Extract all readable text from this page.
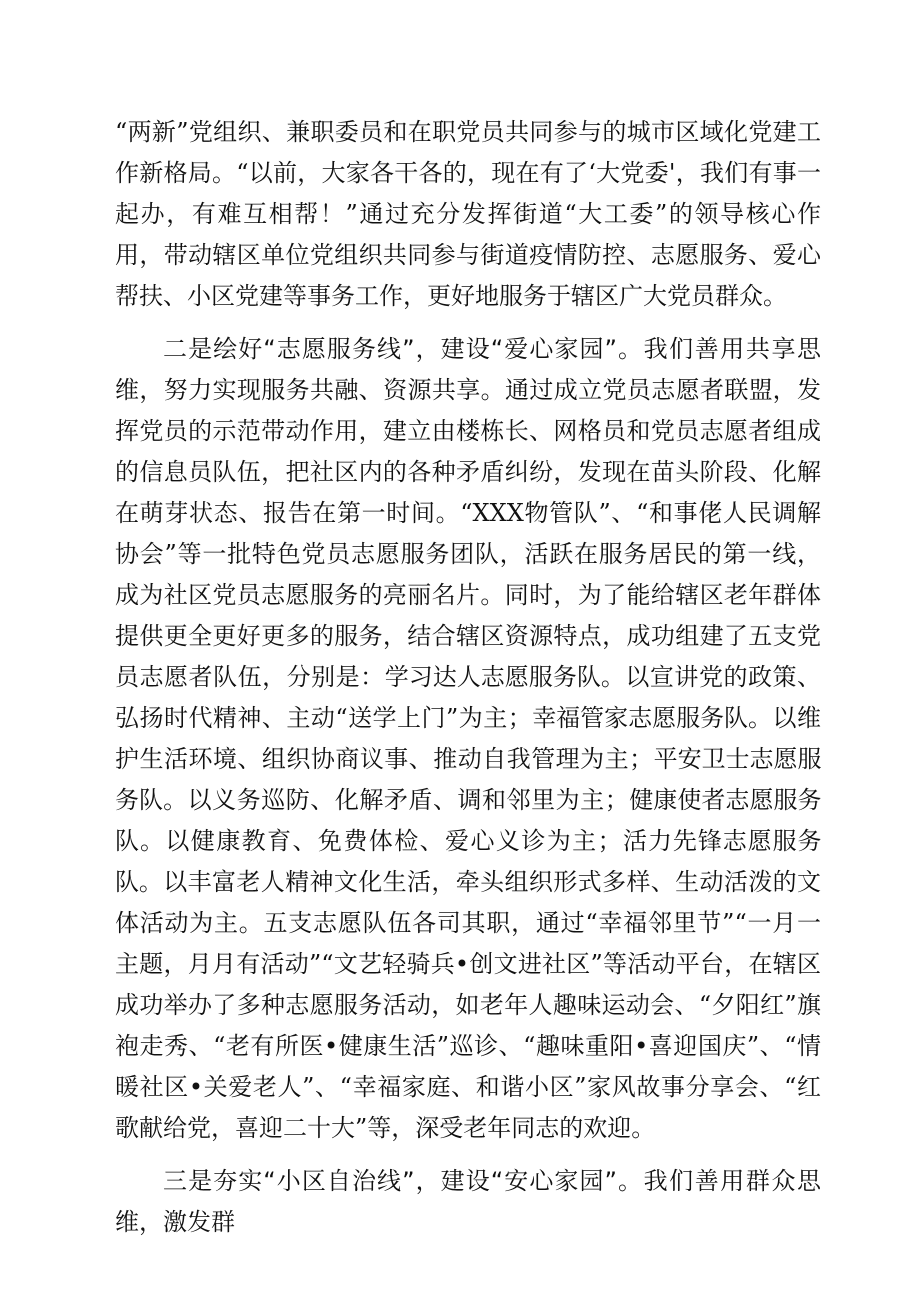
“两新”党组织、兼职委员和在职党员共同参与的城市区域化党建工作新格局。“以前，大家各干各的，现在有了‘大党委'，我们有事一起办，有难互相帮！”通过充分发挥街道“大工委”的领导核心作用，带动辖区单位党组织共同参与街道疫情防控、志愿服务、爱心帮扶、小区党建等事务工作，更好地服务于辖区广大党员群众。

二是绘好“志愿服务线”，建设“爱心家园”。我们善用共享思维，努力实现服务共融、资源共享。通过成立党员志愿者联盟，发挥党员的示范带动作用，建立由楼栋长、网格员和党员志愿者组成的信息员队伍，把社区内的各种矛盾纠纷，发现在苗头阶段、化解在萌芽状态、报告在第一时间。“XXX物管队”、“和事佬人民调解协会”等一批特色党员志愿服务团队，活跃在服务居民的第一线，成为社区党员志愿服务的亮丽名片。同时，为了能给辖区老年群体提供更全更好更多的服务，结合辖区资源特点，成功组建了五支党员志愿者队伍，分别是：学习达人志愿服务队。以宣讲党的政策、弘扬时代精神、主动“送学上门”为主；幸福管家志愿服务队。以维护生活环境、组织协商议事、推动自我管理为主；平安卫士志愿服务队。以义务巡防、化解矛盾、调和邻里为主；健康使者志愿服务队。以健康教育、免费体检、爱心义诊为主；活力先锋志愿服务队。以丰富老人精神文化生活，牵头组织形式多样、生动活泼的文体活动为主。五支志愿队伍各司其职，通过“幸福邻里节”“一月一主题，月月有活动”“文艺轻骑兵•创文进社区”等活动平台，在辖区成功举办了多种志愿服务活动，如老年人趣味运动会、“夕阳红”旗袍走秀、“老有所医•健康生活”巡诊、“趣味重阳•喜迎国庆”、“情暖社区•关爱老人”、“幸福家庭、和谐小区”家风故事分享会、“红歌献给党，喜迎二十大”等，深受老年同志的欢迎。

三是夯实“小区自治线”，建设“安心家园”。我们善用群众思维，激发群
